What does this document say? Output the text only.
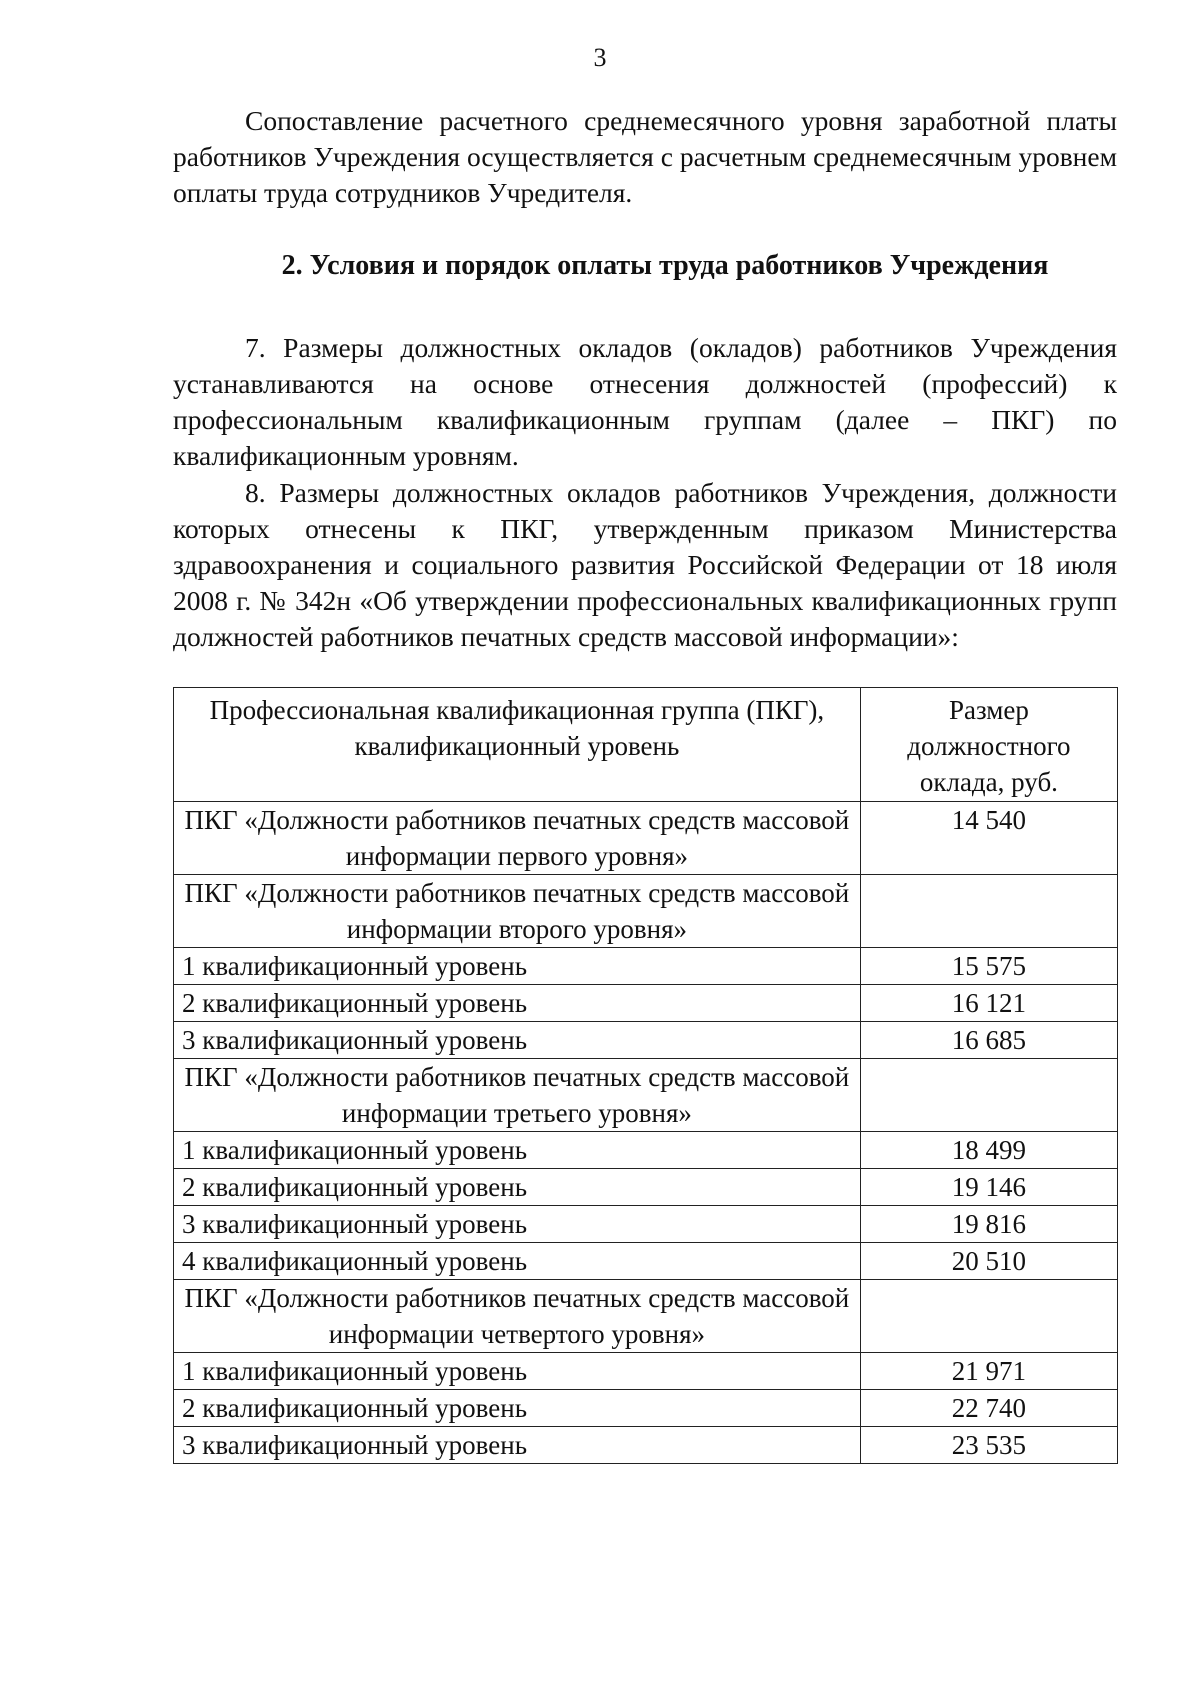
3

Сопоставление расчетного среднемесячного уровня заработной платы работников Учреждения осуществляется с расчетным среднемесячным уровнем оплаты труда сотрудников Учредителя.

2. Условия и порядок оплаты труда работников Учреждения

7. Размеры должностных окладов (окладов) работников Учреждения устанавливаются на основе отнесения должностей (профессий) к профессиональным квалификационным группам (далее – ПКГ) по квалификационным уровням.

8. Размеры должностных окладов работников Учреждения, должности которых отнесены к ПКГ, утвержденным приказом Министерства здравоохранения и социального развития Российской Федерации от 18 июля 2008 г. № 342н «Об утверждении профессиональных квалификационных групп должностей работников печатных средств массовой информации»:

Профессиональная квалификационная группа (ПКГ), квалификационный уровень	Размер должностного оклада, руб.
ПКГ «Должности работников печатных средств массовой информации первого уровня»	14 540
ПКГ «Должности работников печатных средств массовой информации второго уровня»	
1 квалификационный уровень	15 575
2 квалификационный уровень	16 121
3 квалификационный уровень	16 685
ПКГ «Должности работников печатных средств массовой информации третьего уровня»	
1 квалификационный уровень	18 499
2 квалификационный уровень	19 146
3 квалификационный уровень	19 816
4 квалификационный уровень	20 510
ПКГ «Должности работников печатных средств массовой информации четвертого уровня»	
1 квалификационный уровень	21 971
2 квалификационный уровень	22 740
3 квалификационный уровень	23 535
